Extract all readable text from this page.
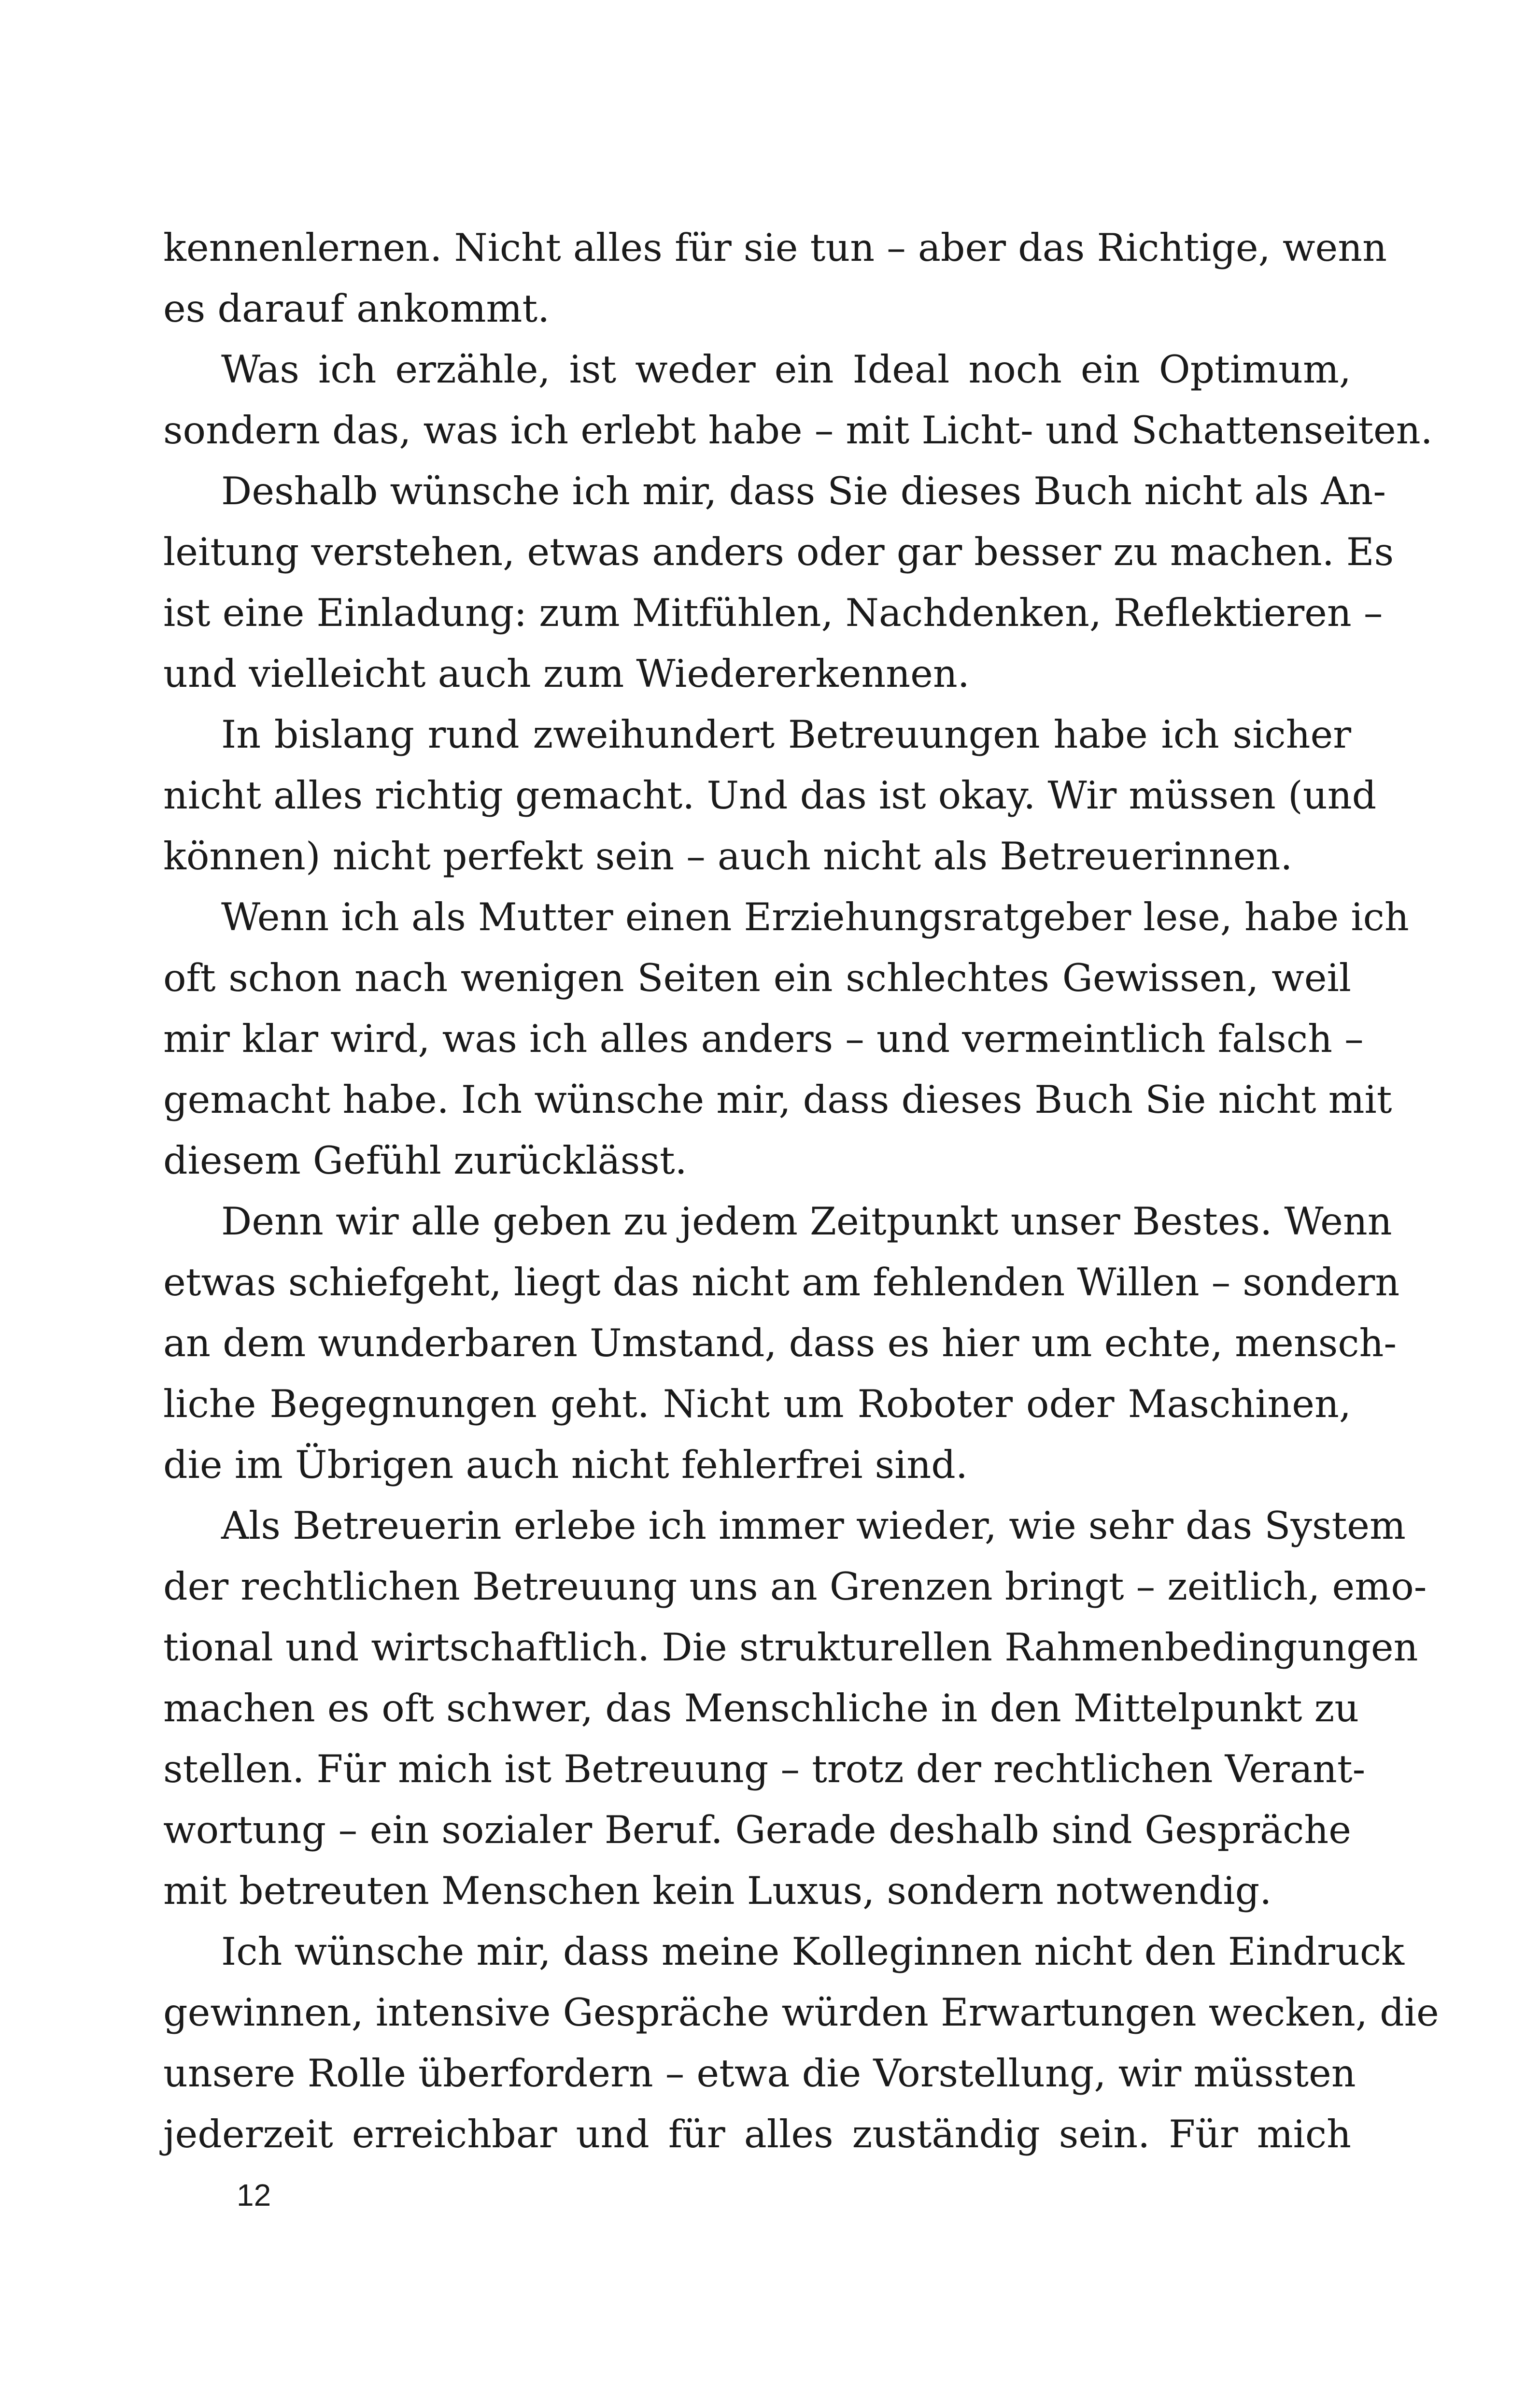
kennenlernen. Nicht alles für sie tun – aber das Richtige, wenn
es darauf ankommt.
Was ich erzähle, ist weder ein Ideal noch ein Optimum,
sondern das, was ich erlebt habe – mit Licht- und Schattenseiten.
Deshalb wünsche ich mir, dass Sie dieses Buch nicht als An-
leitung verstehen, etwas anders oder gar besser zu machen. Es
ist eine Einladung: zum Mitfühlen, Nachdenken, Reflektieren –
und vielleicht auch zum Wiedererkennen.
In bislang rund zweihundert Betreuungen habe ich sicher
nicht alles richtig gemacht. Und das ist okay. Wir müssen (und
können) nicht perfekt sein – auch nicht als Betreuerinnen.
Wenn ich als Mutter einen Erziehungsratgeber lese, habe ich
oft schon nach wenigen Seiten ein schlechtes Gewissen, weil
mir klar wird, was ich alles anders – und vermeintlich falsch –
gemacht habe. Ich wünsche mir, dass dieses Buch Sie nicht mit
diesem Gefühl zurücklässt.
Denn wir alle geben zu jedem Zeitpunkt unser Bestes. Wenn
etwas schiefgeht, liegt das nicht am fehlenden Willen – sondern
an dem wunderbaren Umstand, dass es hier um echte, mensch-
liche Begegnungen geht. Nicht um Roboter oder Maschinen,
die im Übrigen auch nicht fehlerfrei sind.
Als Betreuerin erlebe ich immer wieder, wie sehr das System
der rechtlichen Betreuung uns an Grenzen bringt – zeitlich, emo-
tional und wirtschaftlich. Die strukturellen Rahmenbedingungen
machen es oft schwer, das Menschliche in den Mittelpunkt zu
stellen. Für mich ist Betreuung – trotz der rechtlichen Verant-
wortung – ein sozialer Beruf. Gerade deshalb sind Gespräche
mit betreuten Menschen kein Luxus, sondern notwendig.
Ich wünsche mir, dass meine Kolleginnen nicht den Eindruck
gewinnen, intensive Gespräche würden Erwartungen wecken, die
unsere Rolle überfordern – etwa die Vorstellung, wir müssten
jederzeit erreichbar und für alles zuständig sein. Für mich
12
